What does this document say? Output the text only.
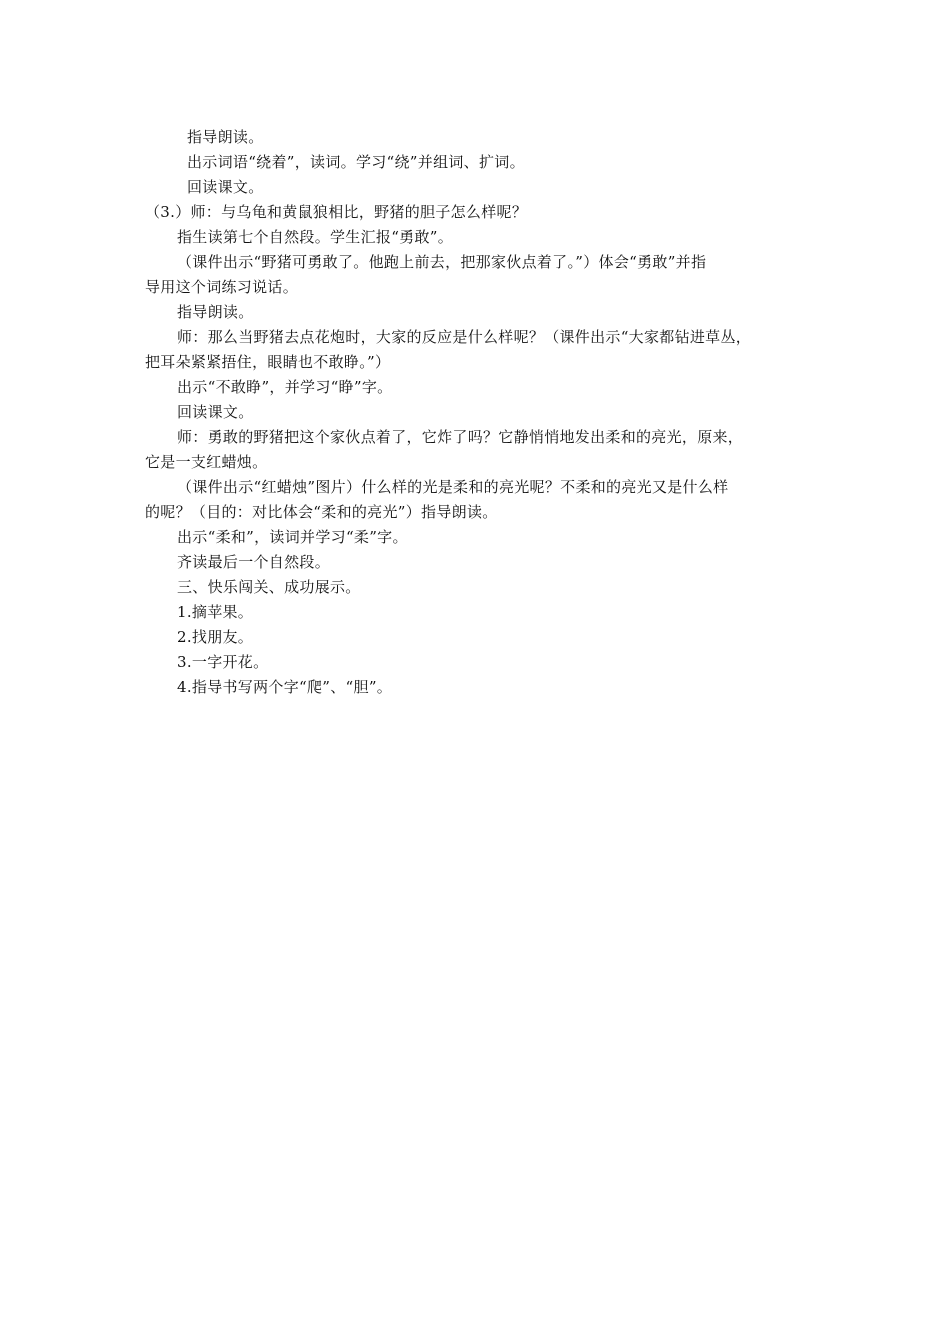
指导朗读。
出示词语“绕着”，读词。学习“绕”并组词、扩词。
回读课文。
（3.）师：与乌龟和黄鼠狼相比，野猪的胆子怎么样呢？
指生读第七个自然段。学生汇报“勇敢”。
（课件出示“野猪可勇敢了。他跑上前去，把那家伙点着了。”）体会“勇敢”并指
导用这个词练习说话。
指导朗读。
师：那么当野猪去点花炮时，大家的反应是什么样呢？（课件出示“大家都钻进草丛，
把耳朵紧紧捂住，眼睛也不敢睁。”）
出示“不敢睁”，并学习“睁”字。
回读课文。
师：勇敢的野猪把这个家伙点着了，它炸了吗？它静悄悄地发出柔和的亮光，原来，
它是一支红蜡烛。
（课件出示“红蜡烛”图片）什么样的光是柔和的亮光呢？不柔和的亮光又是什么样
的呢？（目的：对比体会“柔和的亮光”）指导朗读。
出示“柔和”，读词并学习“柔”字。
齐读最后一个自然段。
三、快乐闯关、成功展示。
1.摘苹果。
2.找朋友。
3.一字开花。
4.指导书写两个字“爬”、“胆”。
